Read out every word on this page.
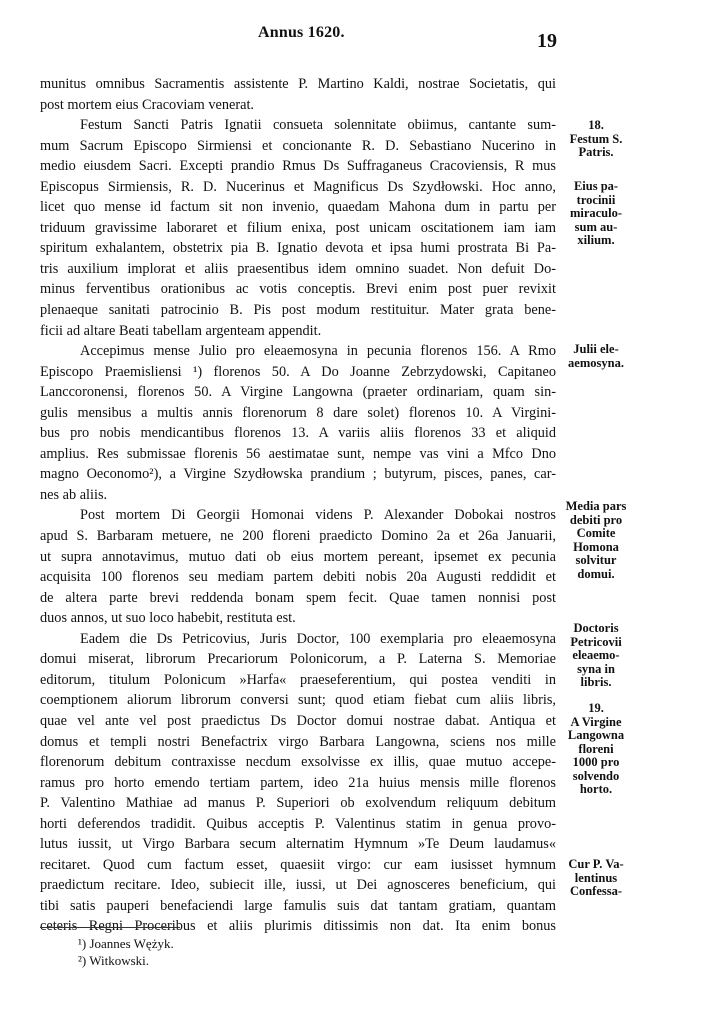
Annus 1620.	19
munitus omnibus Sacramentis assistente P. Martino Kaldi, nostrae Societatis, qui
post mortem eius Cracoviam venerat.
Festum Sancti Patris Ignatii consueta solennitate obiimus, cantante sum-
mum Sacrum Episcopo Sirmiensi et concionante R. D. Sebastiano Nucerino in
medio eiusdem Sacri. Excepti prandio Rmus Ds Suffraganeus Cracoviensis, R mus
Episcopus Sirmiensis, R. D. Nucerinus et Magnificus Ds Szydłowski. Hoc anno,
licet quo mense id factum sit non invenio, quaedam Mahona dum in partu per
triduum gravissime laboraret et filium enixa, post unicam oscitationem iam iam
spiritum exhalantem, obstetrix pia B. Ignatio devota et ipsa humi prostrata Bi Pa-
tris auxilium implorat et aliis praesentibus idem omnino suadet. Non defuit Do-
minus ferventibus orationibus ac votis conceptis. Brevi enim post puer revixit
plenaeque sanitati patrocinio B. Pis post modum restituitur. Mater grata bene-
ficii ad altare Beati tabellam argenteam appendit.
Accepimus mense Julio pro eleaemosyna in pecunia florenos 156. A Rmo
Episcopo Praemisliensi ¹) florenos 50. A Do Joanne Zebrzydowski, Capitaneo
Lanccoronensi, florenos 50. A Virgine Langowna (praeter ordinariam, quam sin-
gulis mensibus a multis annis florenorum 8 dare solet) florenos 10. A Virgini-
bus pro nobis mendicantibus florenos 13. A variis aliis florenos 33 et aliquid
amplius. Res submissae florenis 56 aestimatae sunt, nempe vas vini a Mfco Dno
magno Oeconomo²), a Virgine Szydłowska prandium ; butyrum, pisces, panes, car-
nes ab aliis.
Post mortem Di Georgii Homonai videns P. Alexander Dobokai nostros
apud S. Barbaram metuere, ne 200 floreni praedicto Domino 2a et 26a Januarii,
ut supra annotavimus, mutuo dati ob eius mortem pereant, ipsemet ex pecunia
acquisita 100 florenos seu mediam partem debiti nobis 20a Augusti reddidit et
de altera parte brevi reddenda bonam spem fecit. Quae tamen nonnisi post
duos annos, ut suo loco habebit, restituta est.
Eadem die Ds Petricovius, Juris Doctor, 100 exemplaria pro eleaemosyna
domui miserat, librorum Precariorum Polonicorum, a P. Laterna S. Memoriae
editorum, titulum Polonicum »Harfa« praeseferentium, qui postea venditi in
coemptionem aliorum librorum conversi sunt; quod etiam fiebat cum aliis libris,
quae vel ante vel post praedictus Ds Doctor domui nostrae dabat. Antiqua et
domus et templi nostri Benefactrix virgo Barbara Langowna, sciens nos mille
florenorum debitum contraxisse necdum exsolvisse ex illis, quae mutuo accepe-
ramus pro horto emendo tertiam partem, ideo 21a huius mensis mille florenos
P. Valentino Mathiae ad manus P. Superiori ob exolvendum reliquum debitum
horti deferendos tradidit. Quibus acceptis P. Valentinus statim in genua provo-
lutus iussit, ut Virgo Barbara secum alternatim Hymnum »Te Deum laudamus«
recitaret. Quod cum factum esset, quaesiit virgo: cur eam iusisset hymnum
praedictum recitare. Ideo, subiecit ille, iussi, ut Dei agnosceres beneficium, qui
tibi satis pauperi benefaciendi large famulis suis dat tantam gratiam, quantam
ceteris Regni Proceribus et aliis plurimis ditissimis non dat. Ita enim bonus
18.
Festum S.
Patris.
Eius pa-
trocinii
miraculo-
sum au-
xilium.
Julii ele-
aemosyna.
Media pars
debiti pro
Comite
Homona
solvitur
domui.
Doctoris
Petricovii
eleaemo-
syna in
libris.
19.
A Virgine
Langowna
floreni
1000 pro
solvendo
horto.
Cur P. Va-
lentinus
Confessa-
¹) Joannes Wężyk.
²) Witkowski.
